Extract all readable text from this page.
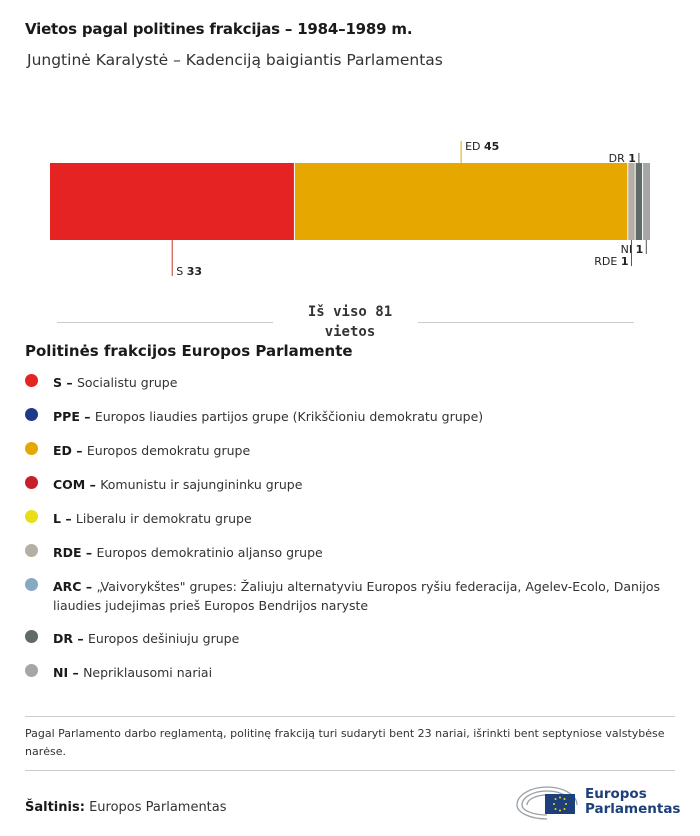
Vietos pagal politines frakcijas – 1984–1989 m.
Jungtinė Karalystė – Kadenciją baigiantis Parlamentas
S 33
ED 45
RDE 1
DR 1
NI 1
Iš viso 81 vietos
Politinės frakcijos Europos Parlamente
S – Socialistu grupe
PPE – Europos liaudies partijos grupe (Krikščioniu demokratu grupe)
ED – Europos demokratu grupe
COM – Komunistu ir sajungininku grupe
L – Liberalu ir demokratu grupe
RDE – Europos demokratinio aljanso grupe
ARC – „Vaivorykštes" grupes: Žaliuju alternatyviu Europos ryšiu federacija, Agelev-Ecolo, Danijos liaudies judejimas prieš Europos Bendrijos naryste
DR – Europos dešiniuju grupe
NI – Nepriklausomi nariai
Pagal Parlamento darbo reglamentą, politinę frakciją turi sudaryti bent 23 nariai, išrinkti bent septyniose valstybėse narėse.
Šaltinis: Europos Parlamentas
Europos
Parlamentas
